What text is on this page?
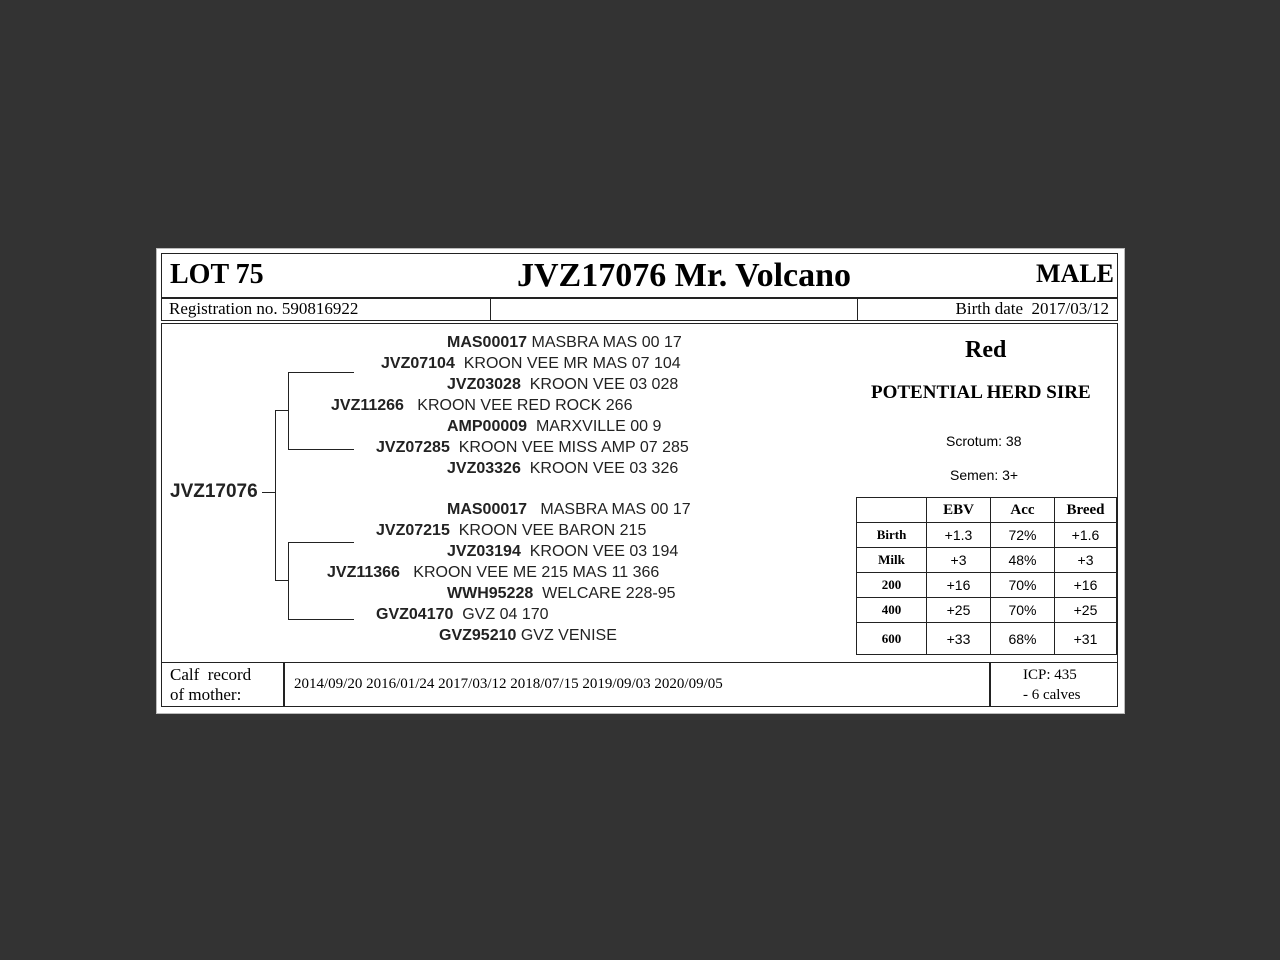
LOT 75	JVZ17076 Mr. Volcano	MALE
Registration no. 590816922	Birth date 2017/03/12
JVZ17076
MAS00017 MASBRA MAS 00 17
JVZ07104 KROON VEE MR MAS 07 104
JVZ03028 KROON VEE 03 028
JVZ11266 KROON VEE RED ROCK 266
AMP00009 MARXVILLE 00 9
JVZ07285 KROON VEE MISS AMP 07 285
JVZ03326 KROON VEE 03 326
MAS00017 MASBRA MAS 00 17
JVZ07215 KROON VEE BARON 215
JVZ03194 KROON VEE 03 194
JVZ11366 KROON VEE ME 215 MAS 11 366
WWH95228 WELCARE 228-95
GVZ04170 GVZ 04 170
GVZ95210 GVZ VENISE
Red
POTENTIAL HERD SIRE
Scrotum: 38
Semen: 3+
	EBV	Acc	Breed
Birth	+1.3	72%	+1.6
Milk	+3	48%	+3
200	+16	70%	+16
400	+25	70%	+25
600	+33	68%	+31
Calf  record
of mother:
2014/09/20 2016/01/24 2017/03/12 2018/07/15 2019/09/03 2020/09/05
ICP: 435
- 6 calves
